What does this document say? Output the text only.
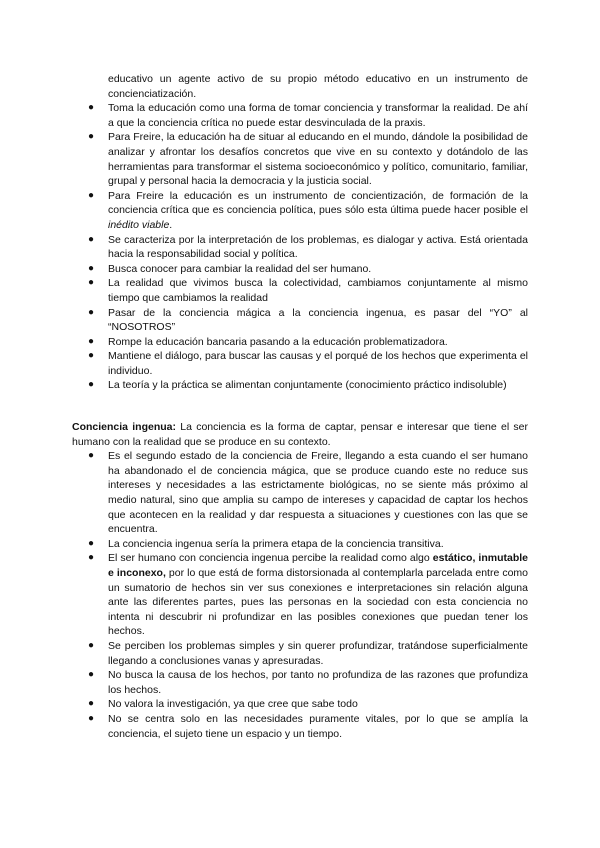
educativo un agente activo de su propio método educativo en un instrumento de concienciatización.

● Toma la educación como una forma de tomar conciencia y transformar la realidad. De ahí a que la conciencia crítica no puede estar desvinculada de la praxis.

● Para Freire, la educación ha de situar al educando en el mundo, dándole la posibilidad de analizar y afrontar los desafíos concretos que vive en su contexto y dotándolo de las herramientas para transformar el sistema socioeconómico y político, comunitario, familiar, grupal y personal hacia la democracia y la justicia social.

● Para Freire la educación es un instrumento de concientización, de formación de la conciencia crítica que es conciencia política, pues sólo esta última puede hacer posible el inédito viable.

● Se caracteriza por la interpretación de los problemas, es dialogar y activa. Está orientada hacia la responsabilidad social y política.

● Busca conocer para cambiar la realidad del ser humano.

● La realidad que vivimos busca la colectividad, cambiamos conjuntamente al mismo tiempo que cambiamos la realidad

● Pasar de la conciencia mágica a la conciencia ingenua, es pasar del “YO” al “NOSOTROS”

● Rompe la educación bancaria pasando a la educación problematizadora.

● Mantiene el diálogo, para buscar las causas y el porqué de los hechos que experimenta el individuo.

● La teoría y la práctica se alimentan conjuntamente (conocimiento práctico indisoluble)

Conciencia ingenua: La conciencia es la forma de captar, pensar e interesar que tiene el ser humano con la realidad que se produce en su contexto.

● Es el segundo estado de la conciencia de Freire, llegando a esta cuando el ser humano ha abandonado el de conciencia mágica, que se produce cuando este no reduce sus intereses y necesidades a las estrictamente biológicas, no se siente más próximo al medio natural, sino que amplia su campo de intereses y capacidad de captar los hechos que acontecen en la realidad y dar respuesta a situaciones y cuestiones con las que se encuentra.

● La conciencia ingenua sería la primera etapa de la conciencia transitiva.

● El ser humano con conciencia ingenua percibe la realidad como algo estático, inmutable e inconexo, por lo que está de forma distorsionada al contemplarla parcelada entre como un sumatorio de hechos sin ver sus conexiones e interpretaciones sin relación alguna ante las diferentes partes, pues las personas en la sociedad con esta conciencia no intenta ni descubrir ni profundizar en las posibles conexiones que puedan tener los hechos.

● Se perciben los problemas simples y sin querer profundizar, tratándose superficialmente llegando a conclusiones vanas y apresuradas.

● No busca la causa de los hechos, por tanto no profundiza de las razones que profundiza los hechos.

● No valora la investigación, ya que cree que sabe todo

● No se centra solo en las necesidades puramente vitales, por lo que se amplía la conciencia, el sujeto tiene un espacio y un tiempo.
